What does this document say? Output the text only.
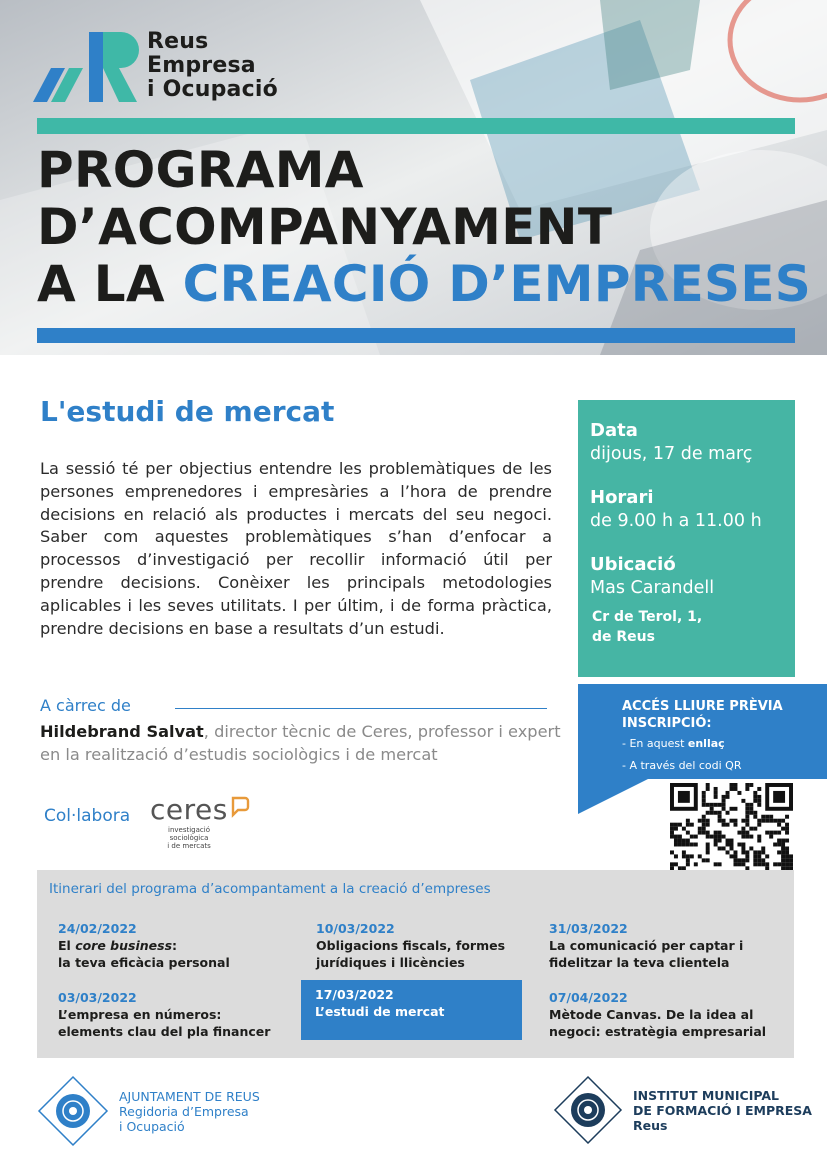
Reus
Empresa
i Ocupació
PROGRAMA
D’ACOMPANYAMENT
A LA CREACIÓ D’EMPRESES
L'estudi de mercat
La sessió té per objectius entendre les problemàtiques de les persones emprenedores i empresàries a l’hora de prendre decisions en relació als productes i mercats del seu negoci. Saber com aquestes problemàtiques s’han d’enfocar a processos d’investigació per recollir informació útil per prendre decisions. Conèixer les principals metodologies aplicables i les seves utilitats. I per últim, i de forma pràctica, prendre decisions en base a resultats d’un estudi.
A càrrec de
Hildebrand Salvat, director tècnic de Ceres, professor i expert en la realització d’estudis sociològics i de mercat
Col·labora ceres
investigació sociològica
i de mercats
Data
dijous, 17 de març
Horari
de 9.00 h a 11.00 h
Ubicació
Mas Carandell
Cr de Terol, 1,
de Reus
ACCÉS LLIURE PRÈVIA
INSCRIPCIÓ:
- En aquest enllaç
- A través del codi QR
Itinerari del programa d’acompantament a la creació d’empreses
24/02/2022
El core business:
la teva eficàcia personal
10/03/2022
Obligacions fiscals, formes
jurídiques i llicències
31/03/2022
La comunicació per captar i
fidelitzar la teva clientela
03/03/2022
L’empresa en números:
elements clau del pla financer
17/03/2022
L’estudi de mercat
07/04/2022
Mètode Canvas. De la idea al
negoci: estratègia empresarial
AJUNTAMENT DE REUS
Regidoria d’Empresa
i Ocupació
INSTITUT MUNICIPAL
DE FORMACIÓ I EMPRESA
Reus
